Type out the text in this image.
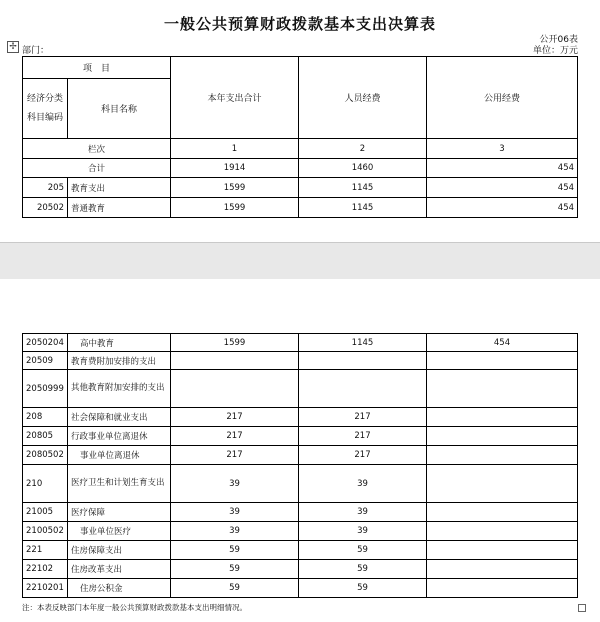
一般公共预算财政拨款基本支出决算表
公开06表
单位：万元
✢ 部门：
项　目		本年支出合计	人员经费	公用经费
经济分类科目编码	科目名称			
栏次		1	2	3
合计		1914	1460	454
205	教育支出	1599	1145	454
20502	普通教育	1599	1145	454
2050204	高中教育	1599	1145	454
20509	教育费附加安排的支出			
2050999	其他教育附加安排的支出			
208	社会保障和就业支出	217	217	
20805	行政事业单位离退休	217	217	
2080502	事业单位离退休	217	217	
210	医疗卫生和计划生育支出	39	39	
21005	医疗保障	39	39	
2100502	事业单位医疗	39	39	
221	住房保障支出	59	59	
22102	住房改革支出	59	59	
2210201	住房公积金	59	59	
注：本表反映部门本年度一般公共预算财政拨款基本支出明细情况。
